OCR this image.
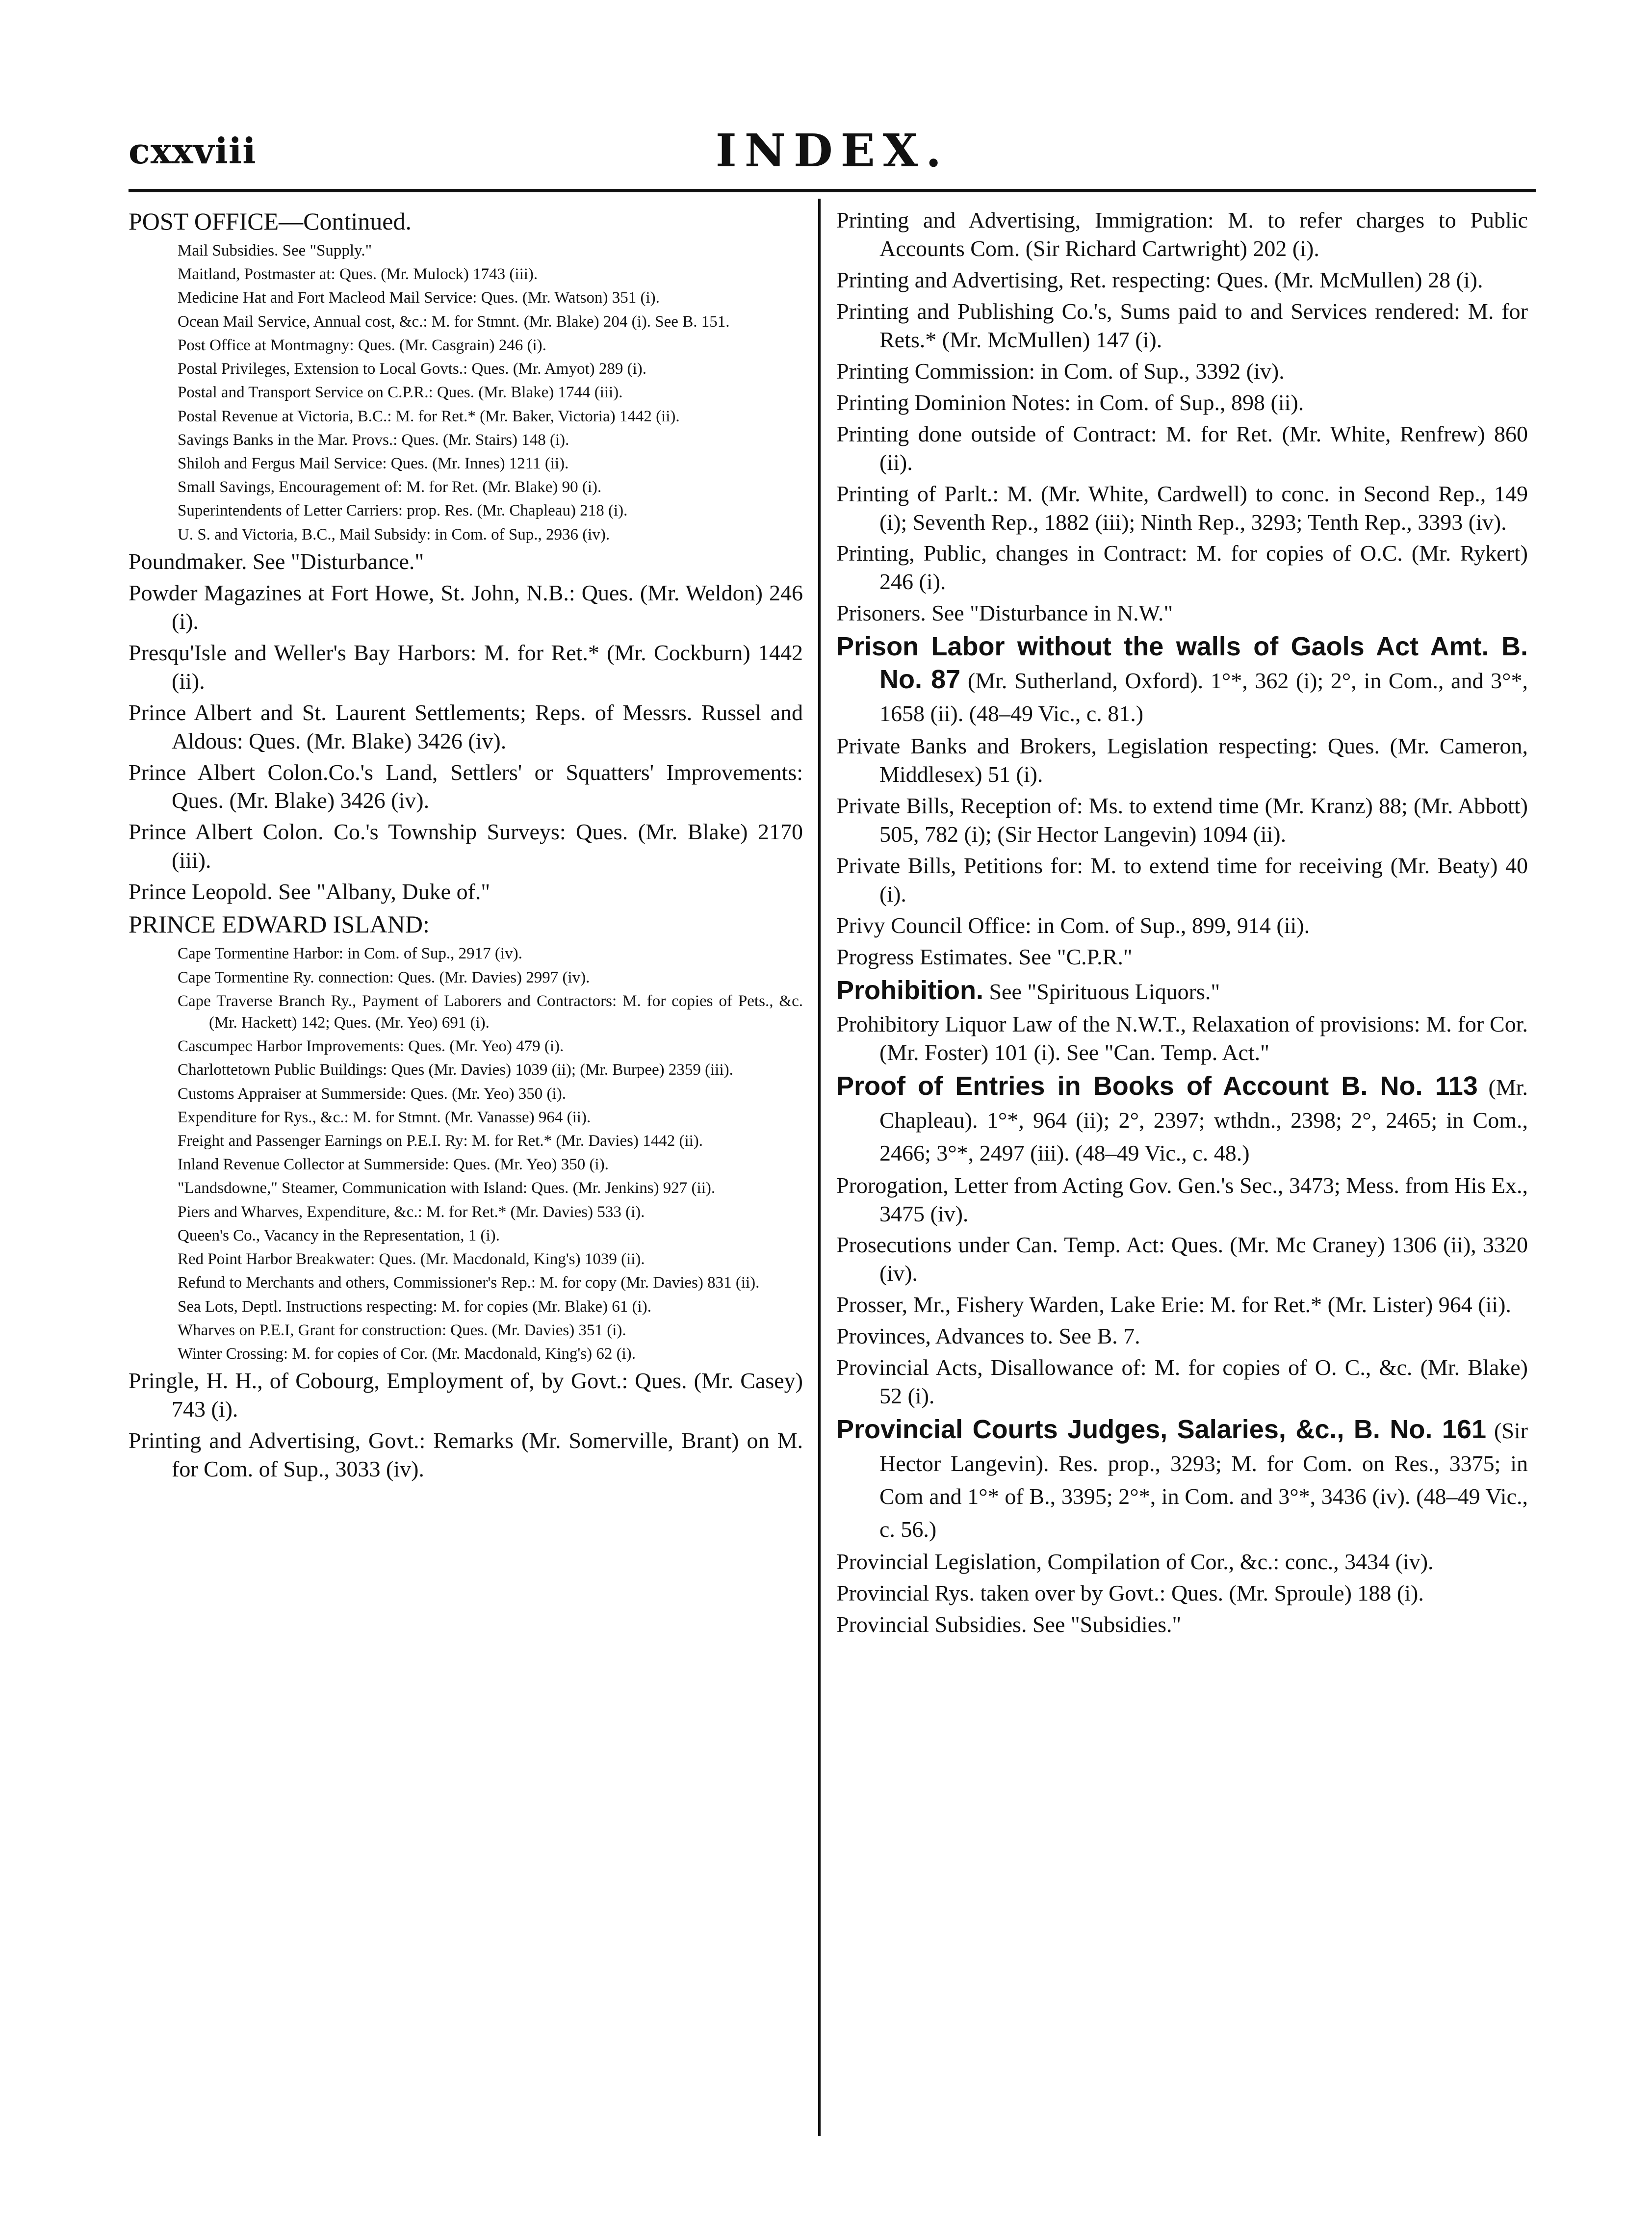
cxxviii	INDEX.

POST OFFICE—Continued.

Mail Subsidies. See "Supply."

Maitland, Postmaster at: Ques. (Mr. Mulock) 1743 (iii).

Medicine Hat and Fort Macleod Mail Service: Ques. (Mr. Watson) 351 (i).

Ocean Mail Service, Annual cost, &c.: M. for Stmnt. (Mr. Blake) 204 (i). See B. 151.

Post Office at Montmagny: Ques. (Mr. Casgrain) 246 (i).

Postal Privileges, Extension to Local Govts.: Ques. (Mr. Amyot) 289 (i).

Postal and Transport Service on C.P.R.: Ques. (Mr. Blake) 1744 (iii).

Postal Revenue at Victoria, B.C.: M. for Ret.* (Mr. Baker, Victoria) 1442 (ii).

Savings Banks in the Mar. Provs.: Ques. (Mr. Stairs) 148 (i).

Shiloh and Fergus Mail Service: Ques. (Mr. Innes) 1211 (ii).

Small Savings, Encouragement of: M. for Ret. (Mr. Blake) 90 (i).

Superintendents of Letter Carriers: prop. Res. (Mr. Chapleau) 218 (i).

U. S. and Victoria, B.C., Mail Subsidy: in Com. of Sup., 2936 (iv).

Poundmaker. See "Disturbance."

Powder Magazines at Fort Howe, St. John, N.B.: Ques. (Mr. Weldon) 246 (i).

Presqu'Isle and Weller's Bay Harbors: M. for Ret.* (Mr. Cockburn) 1442 (ii).

Prince Albert and St. Laurent Settlements; Reps. of Messrs. Russel and Aldous: Ques. (Mr. Blake) 3426 (iv).

Prince Albert Colon.Co.'s Land, Settlers' or Squatters' Improvements: Ques. (Mr. Blake) 3426 (iv).

Prince Albert Colon. Co.'s Township Surveys: Ques. (Mr. Blake) 2170 (iii).

Prince Leopold. See "Albany, Duke of."

PRINCE EDWARD ISLAND:

Cape Tormentine Harbor: in Com. of Sup., 2917 (iv).

Cape Tormentine Ry. connection: Ques. (Mr. Davies) 2997 (iv).

Cape Traverse Branch Ry., Payment of Laborers and Contractors: M. for copies of Pets., &c. (Mr. Hackett) 142; Ques. (Mr. Yeo) 691 (i).

Cascumpec Harbor Improvements: Ques. (Mr. Yeo) 479 (i).

Charlottetown Public Buildings: Ques (Mr. Davies) 1039 (ii); (Mr. Burpee) 2359 (iii).

Customs Appraiser at Summerside: Ques. (Mr. Yeo) 350 (i).

Expenditure for Rys., &c.: M. for Stmnt. (Mr. Vanasse) 964 (ii).

Freight and Passenger Earnings on P.E.I. Ry: M. for Ret.* (Mr. Davies) 1442 (ii).

Inland Revenue Collector at Summerside: Ques. (Mr. Yeo) 350 (i).

"Landsdowne," Steamer, Communication with Island: Ques. (Mr. Jenkins) 927 (ii).

Piers and Wharves, Expenditure, &c.: M. for Ret.* (Mr. Davies) 533 (i).

Queen's Co., Vacancy in the Representation, 1 (i).

Red Point Harbor Breakwater: Ques. (Mr. Macdonald, King's) 1039 (ii).

Refund to Merchants and others, Commissioner's Rep.: M. for copy (Mr. Davies) 831 (ii).

Sea Lots, Deptl. Instructions respecting: M. for copies (Mr. Blake) 61 (i).

Wharves on P.E.I, Grant for construction: Ques. (Mr. Davies) 351 (i).

Winter Crossing: M. for copies of Cor. (Mr. Macdonald, King's) 62 (i).

Pringle, H. H., of Cobourg, Employment of, by Govt.: Ques. (Mr. Casey) 743 (i).

Printing and Advertising, Govt.: Remarks (Mr. Somerville, Brant) on M. for Com. of Sup., 3033 (iv).

Printing and Advertising, Immigration: M. to refer charges to Public Accounts Com. (Sir Richard Cartwright) 202 (i).

Printing and Advertising, Ret. respecting: Ques. (Mr. McMullen) 28 (i).

Printing and Publishing Co.'s, Sums paid to and Services rendered: M. for Rets.* (Mr. McMullen) 147 (i).

Printing Commission: in Com. of Sup., 3392 (iv).

Printing Dominion Notes: in Com. of Sup., 898 (ii).

Printing done outside of Contract: M. for Ret. (Mr. White, Renfrew) 860 (ii).

Printing of Parlt.: M. (Mr. White, Cardwell) to conc. in Second Rep., 149 (i); Seventh Rep., 1882 (iii); Ninth Rep., 3293; Tenth Rep., 3393 (iv).

Printing, Public, changes in Contract: M. for copies of O.C. (Mr. Rykert) 246 (i).

Prisoners. See "Disturbance in N.W."

Prison Labor without the walls of Gaols Act Amt. B. No. 87 (Mr. Sutherland, Oxford). 1°*, 362 (i); 2°, in Com., and 3°*, 1658 (ii). (48–49 Vic., c. 81.)

Private Banks and Brokers, Legislation respecting: Ques. (Mr. Cameron, Middlesex) 51 (i).

Private Bills, Reception of: Ms. to extend time (Mr. Kranz) 88; (Mr. Abbott) 505, 782 (i); (Sir Hector Langevin) 1094 (ii).

Private Bills, Petitions for: M. to extend time for receiving (Mr. Beaty) 40 (i).

Privy Council Office: in Com. of Sup., 899, 914 (ii).

Progress Estimates. See "C.P.R."

Prohibition. See "Spirituous Liquors."

Prohibitory Liquor Law of the N.W.T., Relaxation of provisions: M. for Cor. (Mr. Foster) 101 (i). See "Can. Temp. Act."

Proof of Entries in Books of Account B. No. 113 (Mr. Chapleau). 1°*, 964 (ii); 2°, 2397; wthdn., 2398; 2°, 2465; in Com., 2466; 3°*, 2497 (iii). (48–49 Vic., c. 48.)

Prorogation, Letter from Acting Gov. Gen.'s Sec., 3473; Mess. from His Ex., 3475 (iv).

Prosecutions under Can. Temp. Act: Ques. (Mr. Mc Craney) 1306 (ii), 3320 (iv).

Prosser, Mr., Fishery Warden, Lake Erie: M. for Ret.* (Mr. Lister) 964 (ii).

Provinces, Advances to. See B. 7.

Provincial Acts, Disallowance of: M. for copies of O. C., &c. (Mr. Blake) 52 (i).

Provincial Courts Judges, Salaries, &c., B. No. 161 (Sir Hector Langevin). Res. prop., 3293; M. for Com. on Res., 3375; in Com and 1°* of B., 3395; 2°*, in Com. and 3°*, 3436 (iv). (48–49 Vic., c. 56.)

Provincial Legislation, Compilation of Cor., &c.: conc., 3434 (iv).

Provincial Rys. taken over by Govt.: Ques. (Mr. Sproule) 188 (i).

Provincial Subsidies. See "Subsidies."
